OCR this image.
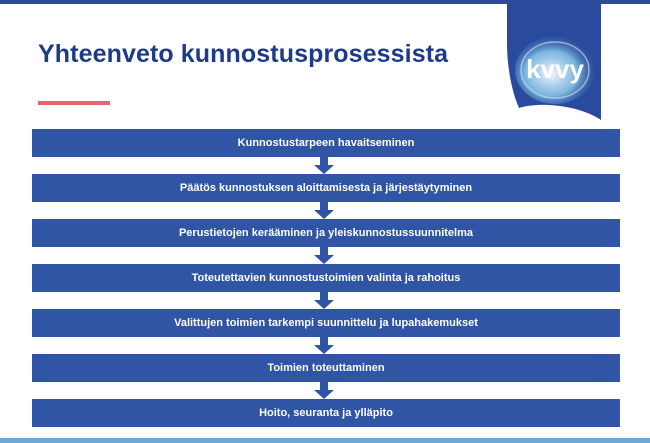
Yhteenveto kunnostusprosessista	kvvy
Kunnostustarpeen havaitseminen
Päätös kunnostuksen aloittamisesta ja järjestäytyminen
Perustietojen kerääminen ja yleiskunnostussuunnitelma
Toteutettavien kunnostustoimien valinta ja rahoitus
Valittujen toimien tarkempi suunnittelu ja lupahakemukset
Toimien toteuttaminen
Hoito, seuranta ja ylläpito
